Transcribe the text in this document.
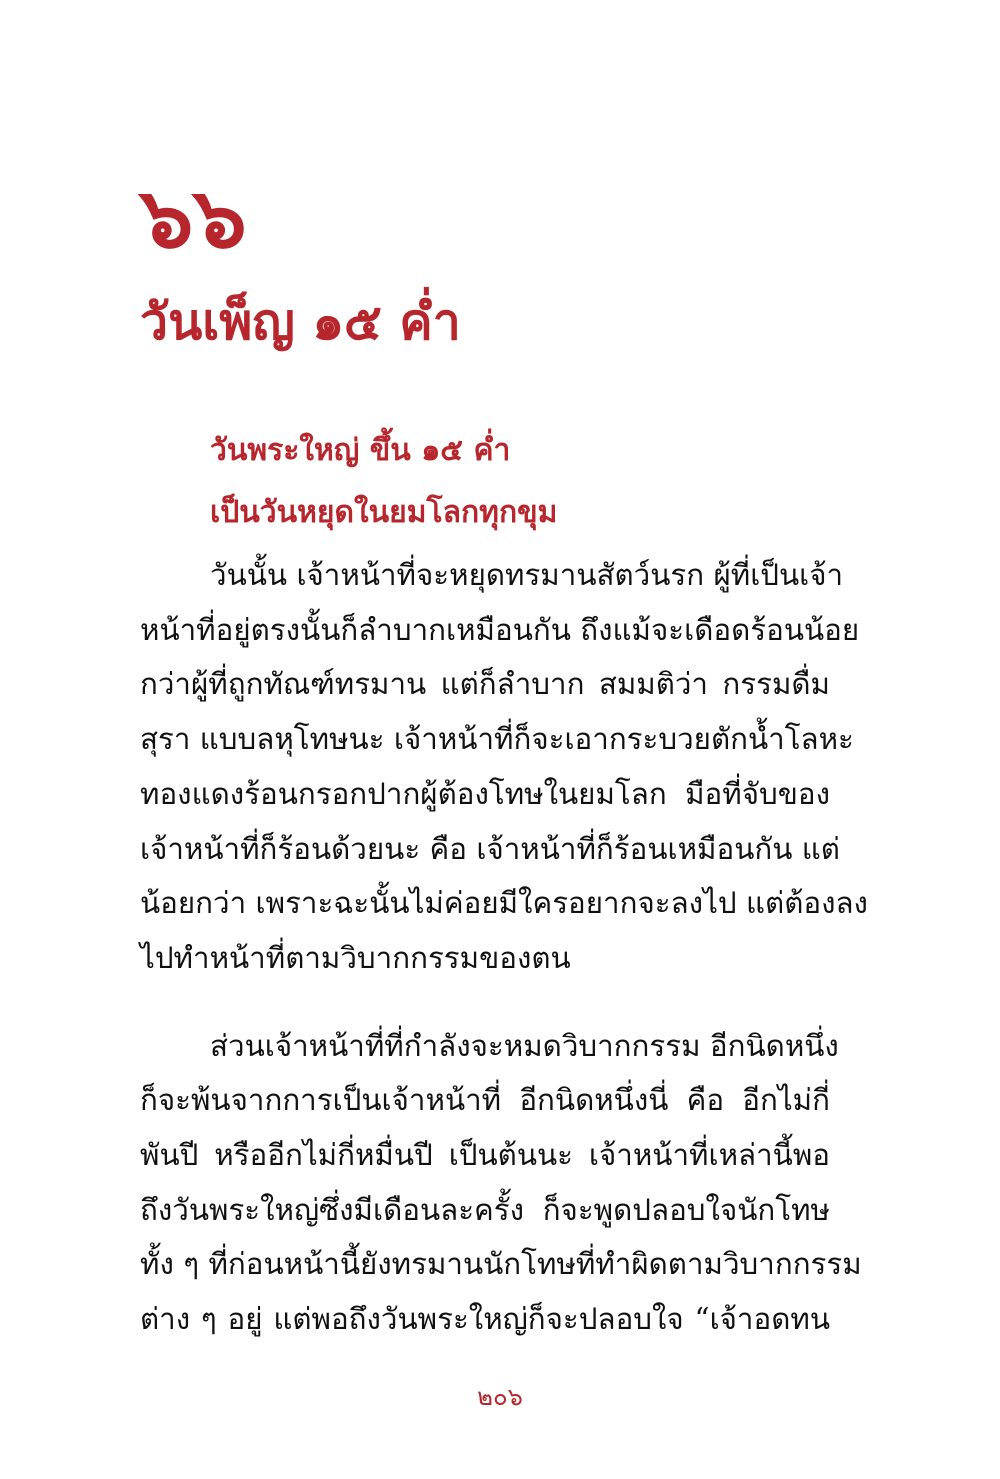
๖๖
วันเพ็ญ ๑๕ ค่ำ
วันพระใหญ่ ขึ้น ๑๕ ค่ำ
เป็นวันหยุดในยมโลกทุกขุม

วันนั้น เจ้าหน้าที่จะหยุดทรมานสัตว์นรก ผู้ที่เป็นเจ้า
หน้าที่อยู่ตรงนั้นก็ลำบากเหมือนกัน ถึงแม้จะเดือดร้อนน้อย
กว่าผู้ที่ถูกทัณฑ์ทรมาน แต่ก็ลำบาก สมมติว่า กรรมดื่ม
สุรา แบบลหุโทษนะ เจ้าหน้าที่ก็จะเอากระบวยตักน้ำโลหะ
ทองแดงร้อนกรอกปากผู้ต้องโทษในยมโลก มือที่จับของ
เจ้าหน้าที่ก็ร้อนด้วยนะ คือ เจ้าหน้าที่ก็ร้อนเหมือนกัน แต่
น้อยกว่า เพราะฉะนั้นไม่ค่อยมีใครอยากจะลงไป แต่ต้องลง
ไปทำหน้าที่ตามวิบากกรรมของตน

ส่วนเจ้าหน้าที่ที่กำลังจะหมดวิบากกรรม อีกนิดหนึ่ง
ก็จะพ้นจากการเป็นเจ้าหน้าที่ อีกนิดหนึ่งนี่ คือ อีกไม่กี่
พันปี หรืออีกไม่กี่หมื่นปี เป็นต้นนะ เจ้าหน้าที่เหล่านี้พอ
ถึงวันพระใหญ่ซึ่งมีเดือนละครั้ง ก็จะพูดปลอบใจนักโทษ
ทั้ง ๆ ที่ก่อนหน้านี้ยังทรมานนักโทษที่ทำผิดตามวิบากกรรม
ต่าง ๆ อยู่ แต่พอถึงวันพระใหญ่ก็จะปลอบใจ “เจ้าอดทน

๒๐๖
